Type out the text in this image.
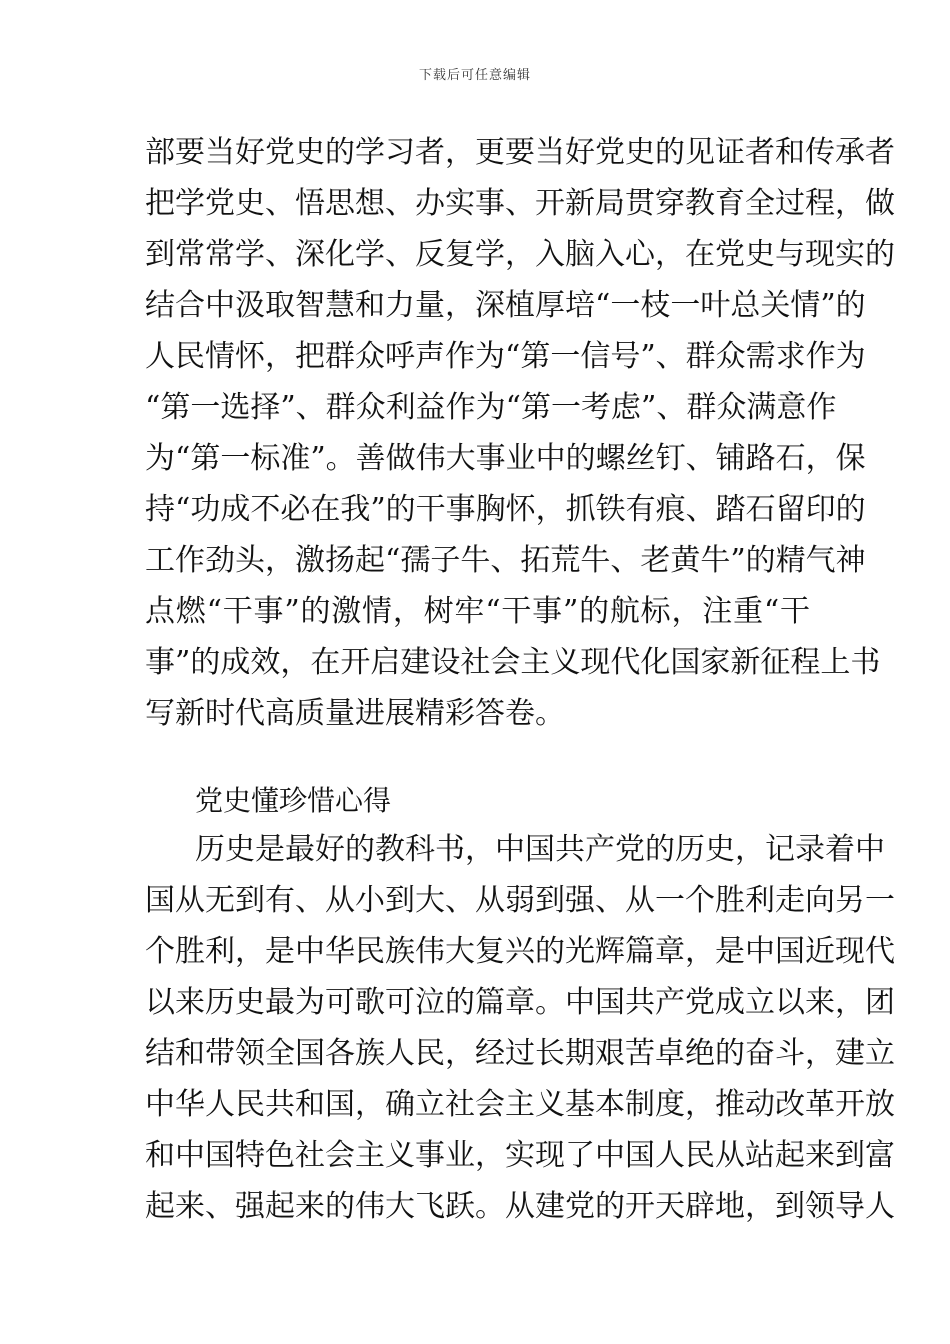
下载后可任意编辑
部要当好党史的学习者，更要当好党史的见证者和传承者
把学党史、悟思想、办实事、开新局贯穿教育全过程，做
到常常学、深化学、反复学，入脑入心，在党史与现实的
结合中汲取智慧和力量，深植厚培“一枝一叶总关情”的
人民情怀，把群众呼声作为“第一信号”、群众需求作为
“第一选择”、群众利益作为“第一考虑”、群众满意作
为“第一标准”。善做伟大事业中的螺丝钉、铺路石，保
持“功成不必在我”的干事胸怀，抓铁有痕、踏石留印的
工作劲头，激扬起“孺子牛、拓荒牛、老黄牛”的精气神
点燃“干事”的激情，树牢“干事”的航标，注重“干
事”的成效，在开启建设社会主义现代化国家新征程上书
写新时代高质量进展精彩答卷。
党史懂珍惜心得
历史是最好的教科书，中国共产党的历史，记录着中
国从无到有、从小到大、从弱到强、从一个胜利走向另一
个胜利，是中华民族伟大复兴的光辉篇章，是中国近现代
以来历史最为可歌可泣的篇章。中国共产党成立以来，团
结和带领全国各族人民，经过长期艰苦卓绝的奋斗，建立
中华人民共和国，确立社会主义基本制度，推动改革开放
和中国特色社会主义事业，实现了中国人民从站起来到富
起来、强起来的伟大飞跃。从建党的开天辟地，到领导人
